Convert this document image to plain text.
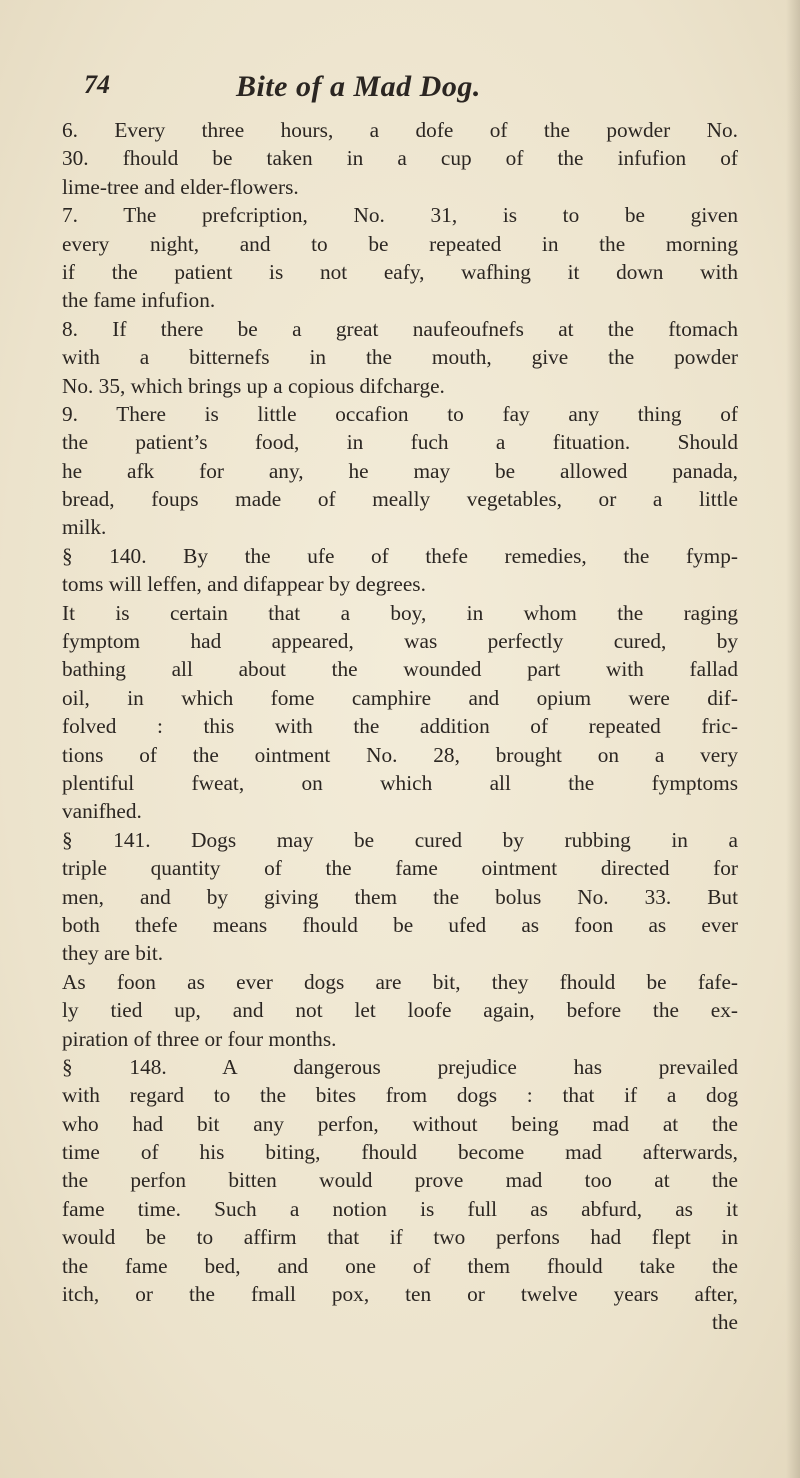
74	Bite of a Mad Dog.
6. Every three hours, a dofe of the powder No.
30. fhould be taken in a cup of the infufion of
lime-tree and elder-flowers.
7. The prefcription, No. 31, is to be given
every night, and to be repeated in the morning
if the patient is not eafy, wafhing it down with
the fame infufion.
8. If there be a great naufeoufnefs at the ftomach
with a bitternefs in the mouth, give the powder
No. 35, which brings up a copious difcharge.
9. There is little occafion to fay any thing of
the patient’s food, in fuch a fituation. Should
he afk for any, he may be allowed panada,
bread, foups made of meally vegetables, or a little
milk.
§ 140. By the ufe of thefe remedies, the fymp-
toms will leffen, and difappear by degrees.
It is certain that a boy, in whom the raging
fymptom had appeared, was perfectly cured, by
bathing all about the wounded part with fallad
oil, in which fome camphire and opium were dif-
folved : this with the addition of repeated fric-
tions of the ointment No. 28, brought on a very
plentiful fweat, on which all the fymptoms
vanifhed.
§ 141. Dogs may be cured by rubbing in a
triple quantity of the fame ointment directed for
men, and by giving them the bolus No. 33. But
both thefe means fhould be ufed as foon as ever
they are bit.
As foon as ever dogs are bit, they fhould be fafe-
ly tied up, and not let loofe again, before the ex-
piration of three or four months.
§ 148. A dangerous prejudice has prevailed
with regard to the bites from dogs : that if a dog
who had bit any perfon, without being mad at the
time of his biting, fhould become mad afterwards,
the perfon bitten would prove mad too at the
fame time. Such a notion is full as abfurd, as it
would be to affirm that if two perfons had flept in
the fame bed, and one of them fhould take the
itch, or the fmall pox, ten or twelve years after,
the
